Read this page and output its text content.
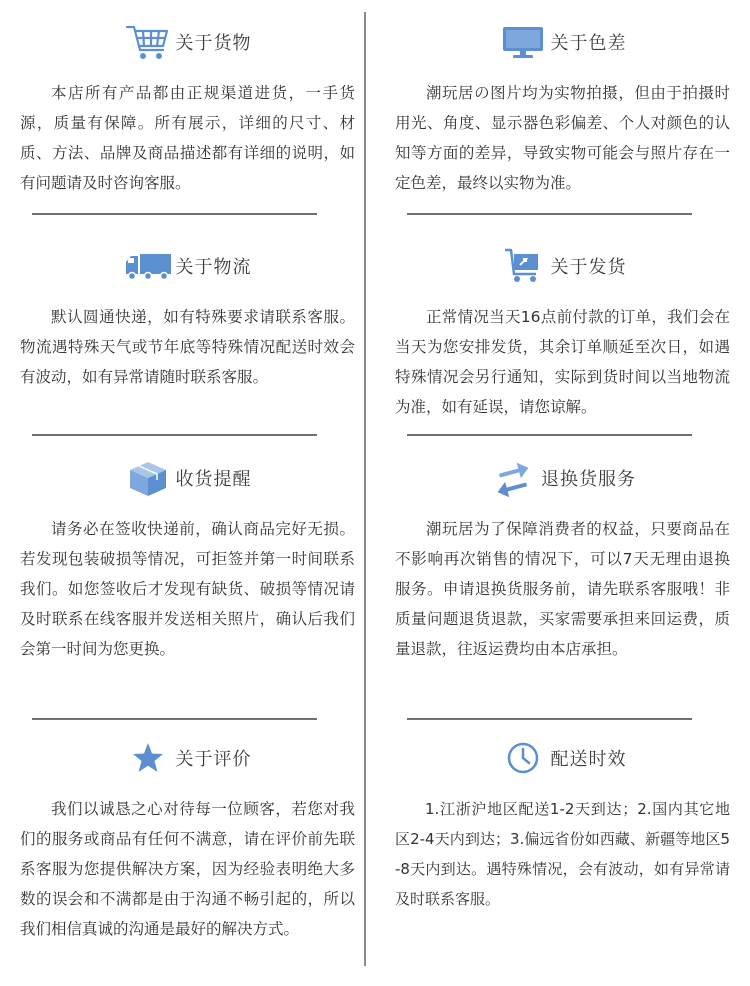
关于货物
本店所有产品都由正规渠道进货，一手货源，质量有保障。所有展示，详细的尺寸、材质、方法、品牌及商品描述都有详细的说明，如有问题请及时咨询客服。
关于物流
默认圆通快递，如有特殊要求请联系客服。物流遇特殊天气或节年底等特殊情况配送时效会有波动，如有异常请随时联系客服。
收货提醒
请务必在签收快递前，确认商品完好无损。若发现包装破损等情况，可拒签并第一时间联系我们。如您签收后才发现有缺货、破损等情况请及时联系在线客服并发送相关照片，确认后我们会第一时间为您更换。
关于评价
我们以诚恳之心对待每一位顾客，若您对我们的服务或商品有任何不满意，请在评价前先联系客服为您提供解决方案，因为经验表明绝大多数的误会和不满都是由于沟通不畅引起的，所以我们相信真诚的沟通是最好的解决方式。
关于色差
潮玩居の图片均为实物拍摄，但由于拍摄时用光、角度、显示器色彩偏差、个人对颜色的认知等方面的差异，导致实物可能会与照片存在一定色差，最终以实物为准。
关于发货
正常情况当天16点前付款的订单，我们会在当天为您安排发货，其余订单顺延至次日，如遇特殊情况会另行通知，实际到货时间以当地物流为准，如有延误，请您谅解。
退换货服务
潮玩居为了保障消费者的权益，只要商品在不影响再次销售的情况下，可以7天无理由退换服务。申请退换货服务前，请先联系客服哦！非质量问题退货退款，买家需要承担来回运费，质量退款，往返运费均由本店承担。
配送时效
1.江浙沪地区配送1-2天到达；2.国内其它地区2-4天内到达；3.偏远省份如西藏、新疆等地区5-8天内到达。遇特殊情况，会有波动，如有异常请及时联系客服。
